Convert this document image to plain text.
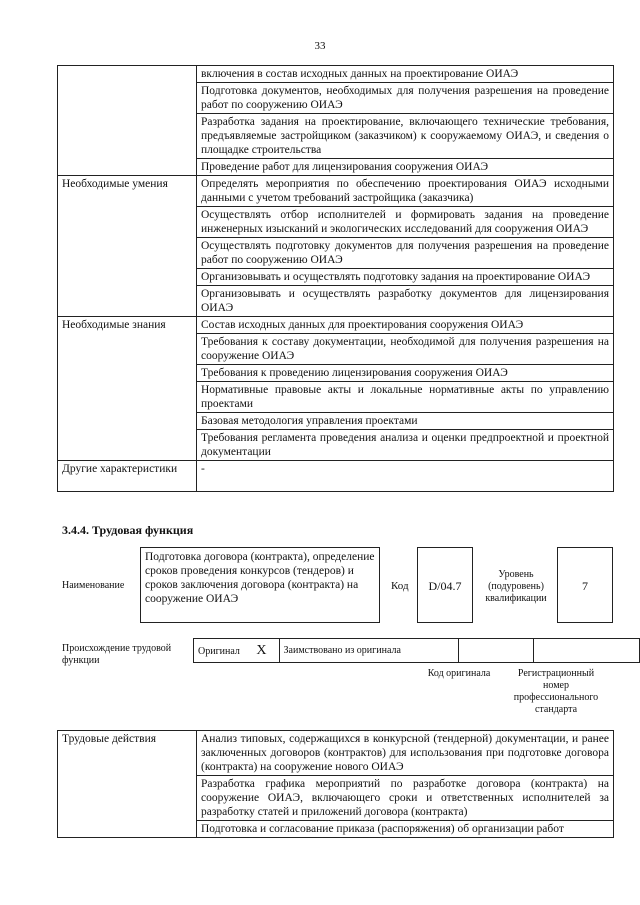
33

	включения в состав исходных данных на проектирование ОИАЭ

	Подготовка документов, необходимых для получения разрешения на проведение работ по сооружению ОИАЭ
	Разработка задания на проектирование, включающего технические требования, предъявляемые застройщиком (заказчиком) к сооружаемому ОИАЭ, и сведения о площадке строительства
	Проведение работ для лицензирования сооружения ОИАЭ
Необходимые умения	Определять мероприятия по обеспечению проектирования ОИАЭ исходными данными с учетом требований застройщика (заказчика)
	Осуществлять отбор исполнителей и формировать задания на проведение инженерных изысканий и экологических исследований для сооружения ОИАЭ
	Осуществлять подготовку документов для получения разрешения на проведение работ по сооружению ОИАЭ
	Организовывать и осуществлять подготовку задания на проектирование ОИАЭ
	Организовывать и осуществлять разработку документов для лицензирования ОИАЭ
Необходимые знания	Состав исходных данных для проектирования сооружения ОИАЭ
	Требования к составу документации, необходимой для получения разрешения на сооружение ОИАЭ
	Требования к проведению лицензирования сооружения ОИАЭ
	Нормативные правовые акты и локальные нормативные акты по управлению проектами
	Базовая методология управления проектами
	Требования регламента проведения анализа и оценки предпроектной и проектной документации
Другие характеристики	-
3.4.4. Трудовая функция
Наименование
Подготовка договора (контракта), определение сроков проведения конкурсов (тендеров) и сроков заключения договора (контракта) на сооружение ОИАЭ
Код	D/04.7
Уровень (подуровень) квалификации
7
Происхождение трудовой функции
Оригинал X	Заимствовано из оригинала		
Код оригинала	Регистрационный номер профессионального стандарта
Трудовые действия	Анализ типовых, содержащихся в конкурсной (тендерной) документации, и ранее заключенных договоров (контрактов) для использования при подготовке договора (контракта) на сооружение нового ОИАЭ
Разработка графика мероприятий по разработке договора (контракта) на сооружение ОИАЭ, включающего сроки и ответственных исполнителей за разработку статей и приложений договора (контракта)
Подготовка и согласование приказа (распоряжения) об организации работ
